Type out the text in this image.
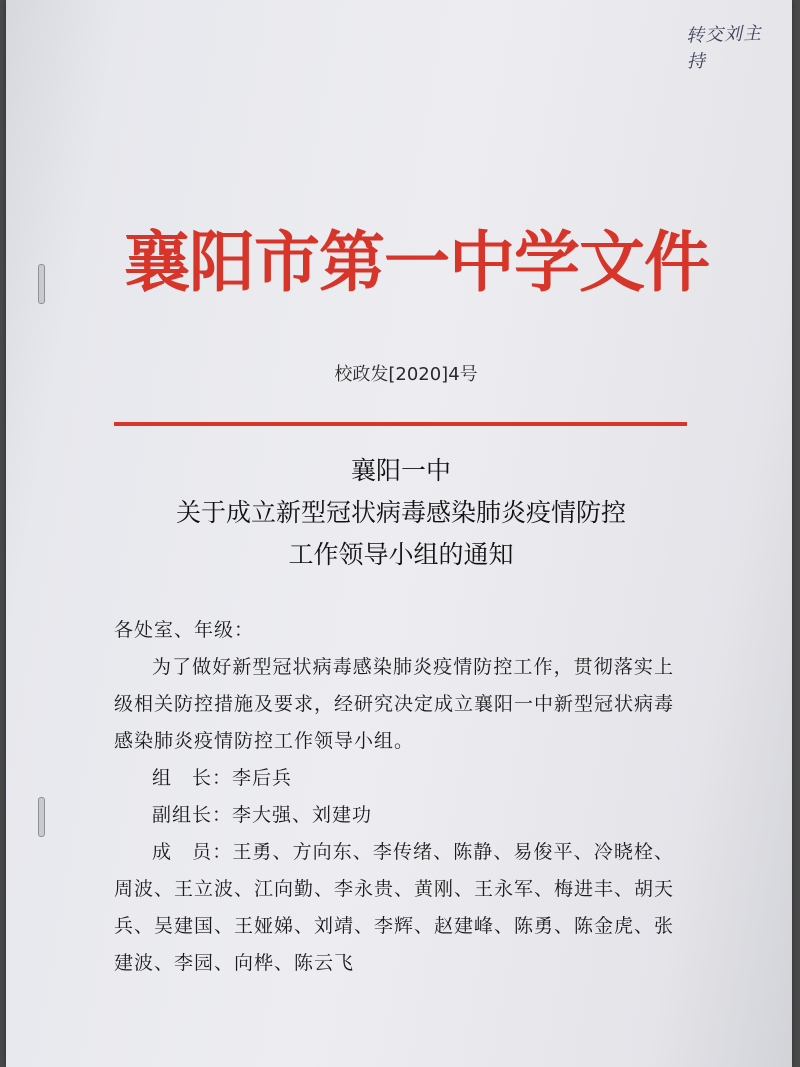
转交刘主持
襄阳市第一中学文件
校政发[2020]4号
襄阳一中
关于成立新型冠状病毒感染肺炎疫情防控
工作领导小组的通知

各处室、年级：

为了做好新型冠状病毒感染肺炎疫情防控工作，贯彻落实上级相关防控措施及要求，经研究决定成立襄阳一中新型冠状病毒感染肺炎疫情防控工作领导小组。

组　长：李后兵

副组长：李大强、刘建功

成　员：王勇、方向东、李传绪、陈静、易俊平、冷晓栓、周波、王立波、江向勤、李永贵、黄刚、王永军、梅进丰、胡天兵、吴建国、王娅娣、刘靖、李辉、赵建峰、陈勇、陈金虎、张建波、李园、向桦、陈云飞
